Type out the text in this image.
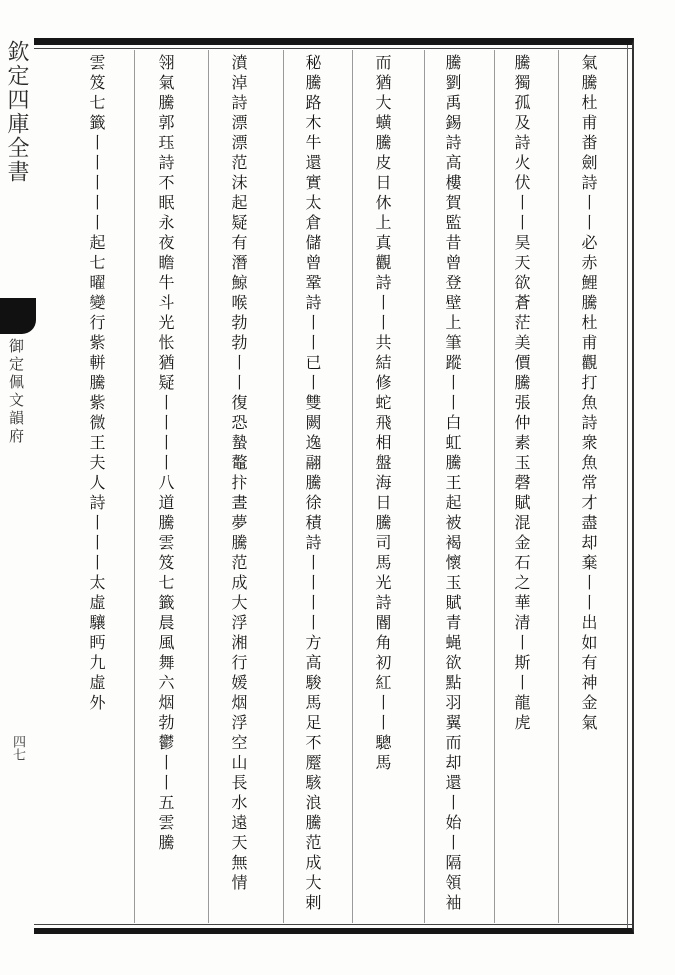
欽定四庫全書
御定佩文韻府
四七
氣騰杜甫畨劍詩丨丨必赤鯉騰杜甫觀打魚詩衆魚常才盡却棄丨丨出如有神金氣
騰獨孤及詩火伏丨丨昊天欲蒼茫美價騰張仲素玉磬賦混金石之華清丨斯丨龍虎
騰劉禹錫詩高樓賀監昔曾登壁上筆蹤丨丨白虹騰王起被褐懷玉賦青蝇欲點羽翼而却還丨始丨隔領袖
而猶大蟥騰皮日休上真觀詩丨丨共結修蛇飛相盤海日騰司馬光詩閽角初紅丨丨驄馬
秘騰路木牛還實太倉儲曾鞏詩丨丨已丨雙闕逸翮騰徐積詩丨丨丨丨方高駿馬足不蹷駭浪騰范成大剌
濆淖詩漂漂范沫起疑有潛鯨喉勃勃丨丨復恐蟄鼇抃晝夢騰范成大浮湘行媛烟浮空山長水遠天無情
翎氣騰郭珏詩不眠永夜瞻牛斗光怅猶疑丨丨丨丨八道騰雲笈七籤晨風舞六烟勃鬱丨丨五雲騰
雲笈七籤丨丨丨丨丨起七曜變行紫軿騰紫微王夫人詩丨丨丨太虛驤眄九虛外
